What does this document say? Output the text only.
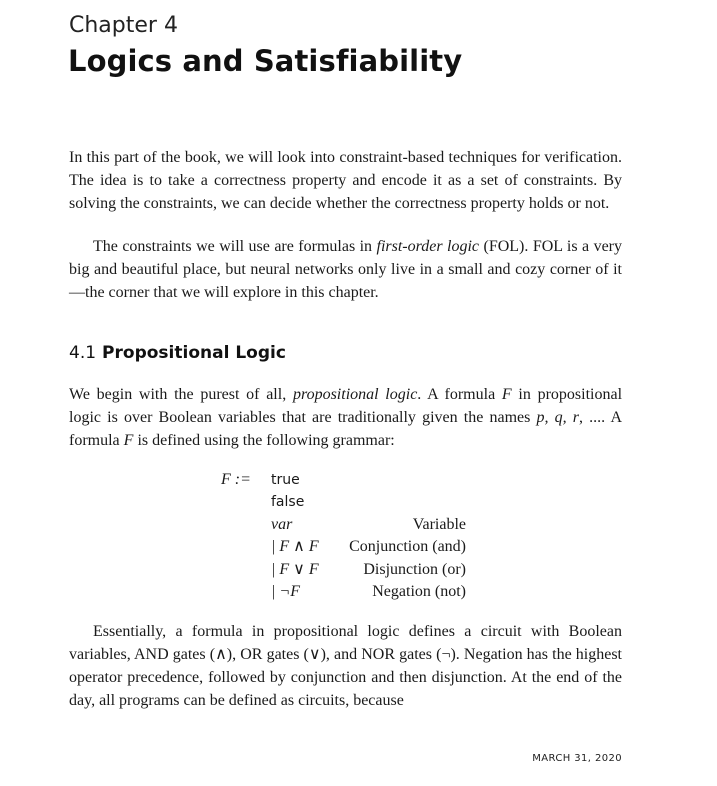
Chapter 4
Logics and Satisfiability

In this part of the book, we will look into constraint-based techniques for verification. The idea is to take a correctness property and encode it as a set of constraints. By solving the constraints, we can decide whether the correctness property holds or not.

The constraints we will use are formulas in first-order logic (FOL). FOL is a very big and beautiful place, but neural networks only live in a small and cozy corner of it—the corner that we will explore in this chapter.

4.1 Propositional Logic

We begin with the purest of all, propositional logic. A formula F in propositional logic is over Boolean variables that are traditionally given the names p, q, r, .... A formula F is defined using the following grammar:

F := true
false
var
| F ∧ F
| F ∨ F
| ¬F
Variable
Conjunction (and)
Disjunction (or)
Negation (not)

Essentially, a formula in propositional logic defines a circuit with Boolean variables, AND gates (∧), OR gates (∨), and NOR gates (¬). Negation has the highest operator precedence, followed by conjunction and then disjunction. At the end of the day, all programs can be defined as circuits, because

MARCH 31, 2020
